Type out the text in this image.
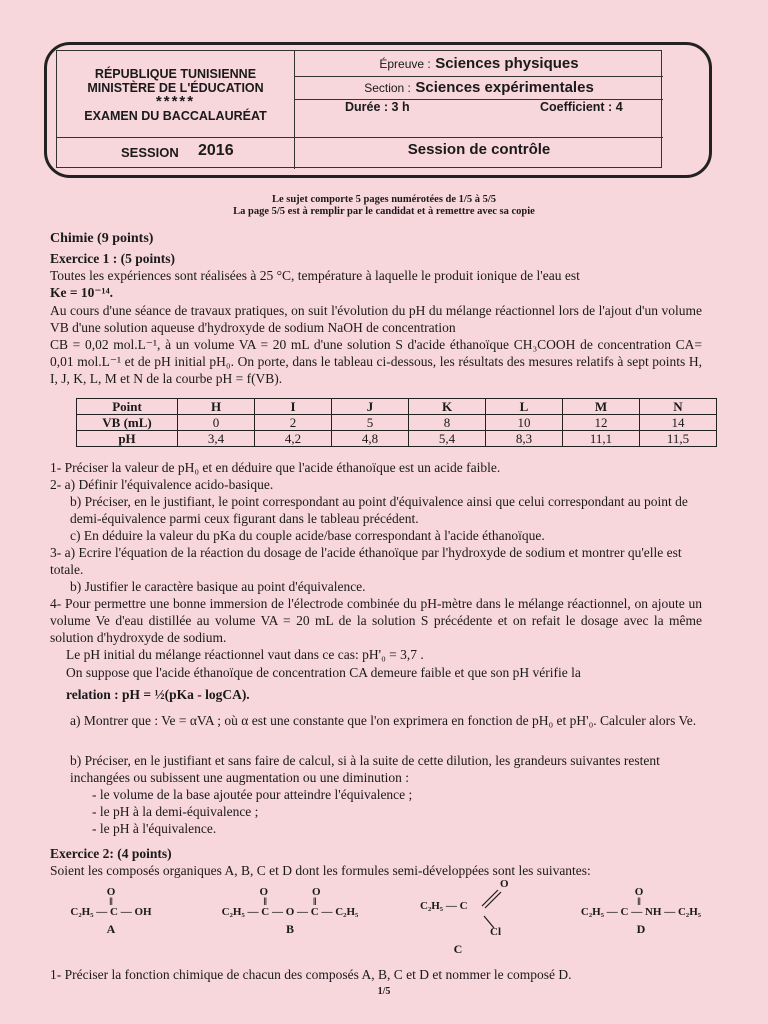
RÉPUBLIQUE TUNISIENNE
MINISTÈRE DE L'ÉDUCATION
*****
EXAMEN DU BACCALAURÉAT
Épreuve : Sciences physiques
Section : Sciences expérimentales
Durée : 3 h	Coefficient : 4
SESSION 2016	Session de contrôle
Le sujet comporte 5 pages numérotées de 1/5 à 5/5
La page 5/5 est à remplir par le candidat et à remettre avec sa copie
Chimie (9 points)
Exercice 1 : (5 points)
Toutes les expériences sont réalisées à 25 °C, température à laquelle le produit ionique de l'eau est
Ke = 10⁻¹⁴.
Au cours d'une séance de travaux pratiques, on suit l'évolution du pH du mélange réactionnel lors de l'ajout d'un volume VB d'une solution aqueuse d'hydroxyde de sodium NaOH de concentration
CB = 0,02 mol.L⁻¹, à un volume VA = 20 mL d'une solution S d'acide éthanoïque CH₃COOH de concentration CA= 0,01 mol.L⁻¹ et de pH initial pH₀. On porte, dans le tableau ci-dessous, les résultats des mesures relatifs à sept points H, I, J, K, L, M et N de la courbe pH = f(VB).
Point	H	I	J	K	L	M	N
VB (mL)	0	2	5	8	10	12	14
pH	3,4	4,2	4,8	5,4	8,3	11,1	11,5
1- Préciser la valeur de pH₀ et en déduire que l'acide éthanoïque est un acide faible.
2- a) Définir l'équivalence acido-basique.
b) Préciser, en le justifiant, le point correspondant au point d'équivalence ainsi que celui correspondant au point de demi-équivalence parmi ceux figurant dans le tableau précédent.
c) En déduire la valeur du pKa du couple acide/base correspondant à l'acide éthanoïque.
3- a) Ecrire l'équation de la réaction du dosage de l'acide éthanoïque par l'hydroxyde de sodium et montrer qu'elle est totale.
b) Justifier le caractère basique au point d'équivalence.
4- Pour permettre une bonne immersion de l'électrode combinée du pH-mètre dans le mélange réactionnel, on ajoute un volume Ve d'eau distillée au volume VA = 20 mL de la solution S précédente et on refait le dosage avec la même solution d'hydroxyde de sodium.
Le pH initial du mélange réactionnel vaut dans ce cas: pH'₀ = 3,7 .
On suppose que l'acide éthanoïque de concentration CA demeure faible et que son pH vérifie la
relation : pH = ½(pKa - logCA).
a) Montrer que : Ve = αVA ; où α est une constante que l'on exprimera en fonction de pH₀ et pH'₀. Calculer alors Ve.
b) Préciser, en le justifiant et sans faire de calcul, si à la suite de cette dilution, les grandeurs suivantes restent inchangées ou subissent une augmentation ou une diminution :
- le volume de la base ajoutée pour atteindre l'équivalence ;
- le pH à la demi-équivalence ;
- le pH à l'équivalence.
Exercice 2: (4 points)
Soient les composés organiques A, B, C et D dont les formules semi-développées sont les suivantes:
O
‖
C₂H₅ — C — OH
A
O	O
‖	‖
C₂H₅ — C — O — C — C₂H₅
B
O
C₂H₅ — C
Cl
C
O
‖
C₂H₅ — C — NH — C₂H₅
D
1- Préciser la fonction chimique de chacun des composés A, B, C et D et nommer le composé D.
1/5
